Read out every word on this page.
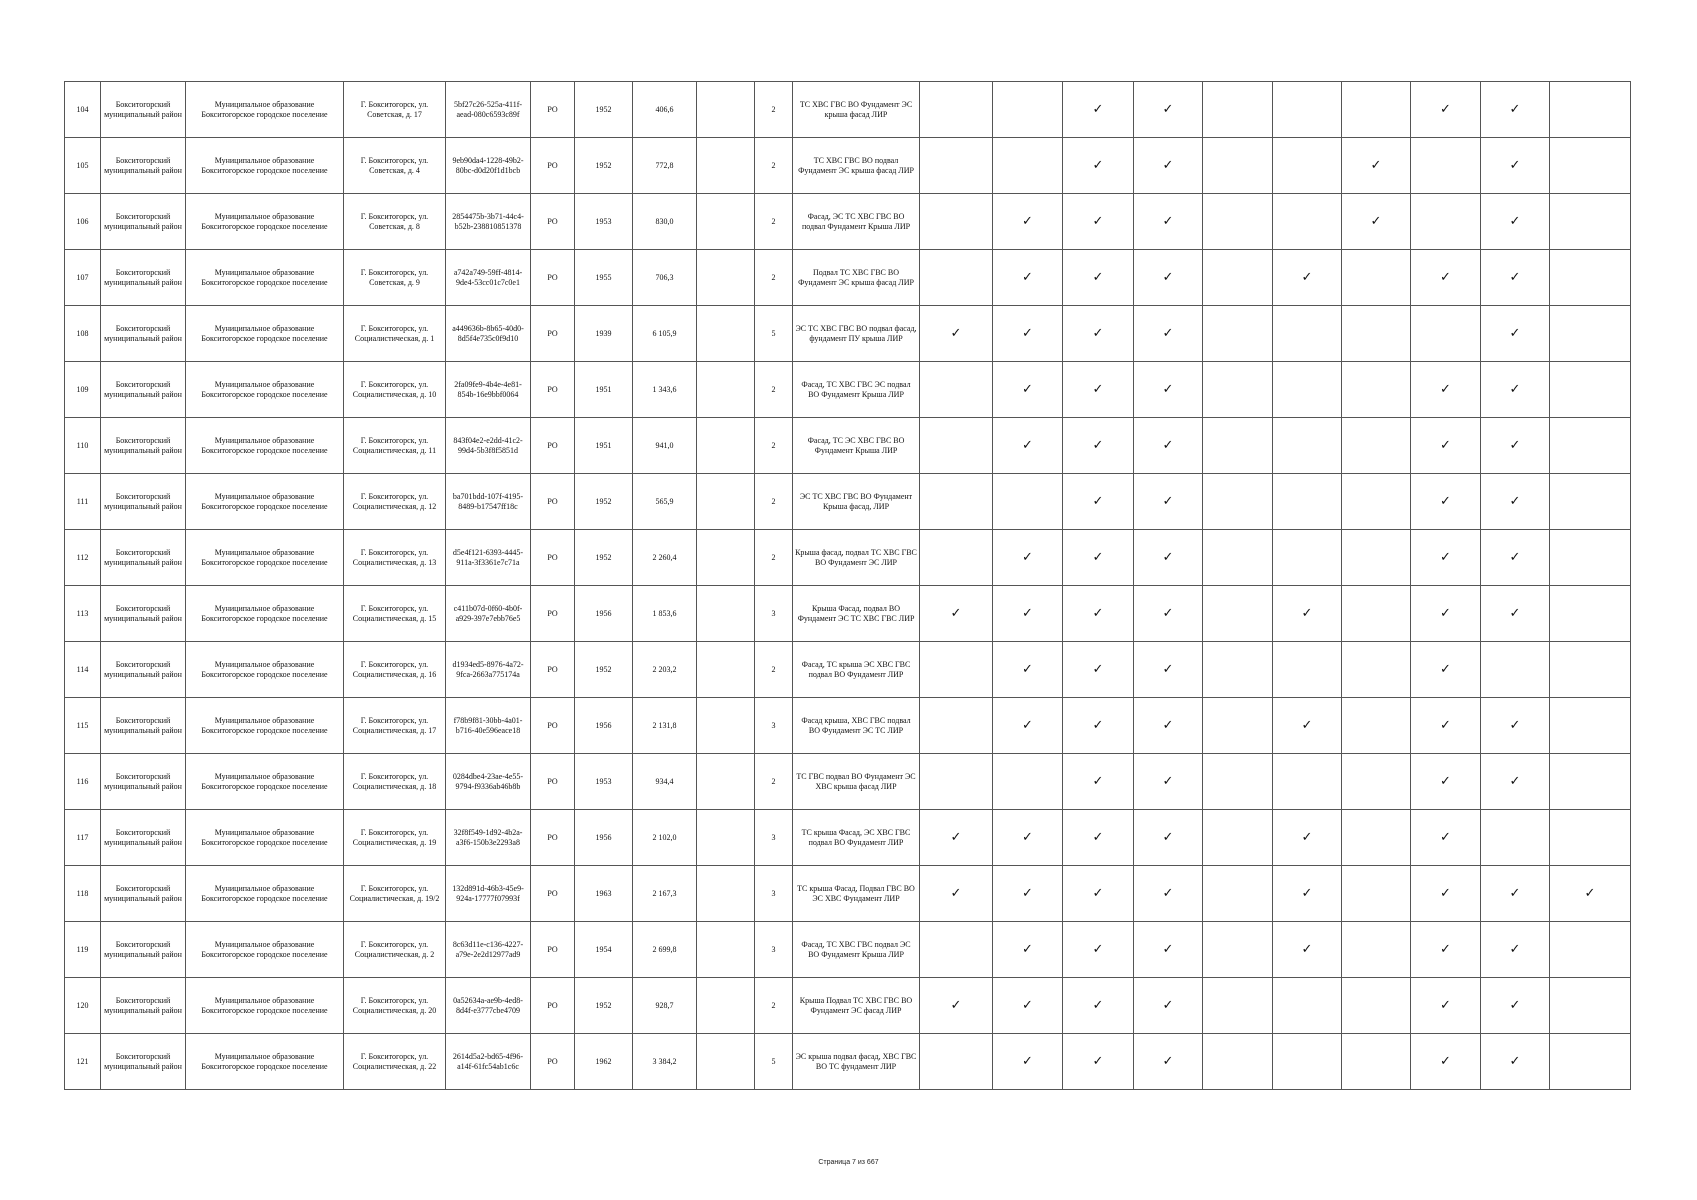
104	Бокситогорский муниципальный район	Муниципальное образование Бокситогорское городское поселение	Г. Бокситогорск, ул. Советская, д. 17	5bf27c26-525a-411f-aead-080c6593c89f	РО	1952	406,6		2	ТС ХВС ГВС ВО Фундамент ЭС крыша фасад ЛИР			✓	✓				✓	✓	
105	Бокситогорский муниципальный район	Муниципальное образование Бокситогорское городское поселение	Г. Бокситогорск, ул. Советская, д. 4	9eb90da4-1228-49b2-80bc-d0d20f1d1bcb	РО	1952	772,8		2	ТС ХВС ГВС ВО подвал Фундамент ЭС крыша фасад ЛИР			✓	✓			✓		✓	
106	Бокситогорский муниципальный район	Муниципальное образование Бокситогорское городское поселение	Г. Бокситогорск, ул. Советская, д. 8	2854475b-3b71-44c4-b52b-238810851378	РО	1953	830,0		2	Фасад, ЭС ТС ХВС ГВС ВО подвал Фундамент Крыша ЛИР		✓	✓	✓			✓		✓	
107	Бокситогорский муниципальный район	Муниципальное образование Бокситогорское городское поселение	Г. Бокситогорск, ул. Советская, д. 9	a742a749-59ff-4814-9de4-53cc01c7c0e1	РО	1955	706,3		2	Подвал ТС ХВС ГВС ВО Фундамент ЭС крыша фасад ЛИР		✓	✓	✓		✓		✓	✓	
108	Бокситогорский муниципальный район	Муниципальное образование Бокситогорское городское поселение	Г. Бокситогорск, ул. Социалистическая, д. 1	a449636b-8b65-40d0-8d5f4e735c0f9d10	РО	1939	6 105,9		5	ЭС ТС ХВС ГВС ВО подвал фасад, фундамент ПУ крыша ЛИР	✓	✓	✓	✓					✓	
109	Бокситогорский муниципальный район	Муниципальное образование Бокситогорское городское поселение	Г. Бокситогорск, ул. Социалистическая, д. 10	2fa09fe9-4b4e-4e81-854b-16e9bbf0064	РО	1951	1 343,6		2	Фасад, ТС ХВС ГВС ЭС подвал ВО Фундамент Крыша ЛИР		✓	✓	✓				✓	✓	
110	Бокситогорский муниципальный район	Муниципальное образование Бокситогорское городское поселение	Г. Бокситогорск, ул. Социалистическая, д. 11	843f04e2-e2dd-41c2-99d4-5b3f8f5851d	РО	1951	941,0		2	Фасад, ТС ЭС ХВС ГВС ВО Фундамент Крыша ЛИР		✓	✓	✓				✓	✓	
111	Бокситогорский муниципальный район	Муниципальное образование Бокситогорское городское поселение	Г. Бокситогорск, ул. Социалистическая, д. 12	ba701bdd-107f-4195-8489-b17547ff18c	РО	1952	565,9		2	ЭС ТС ХВС ГВС ВО Фундамент Крыша фасад, ЛИР			✓	✓				✓	✓	
112	Бокситогорский муниципальный район	Муниципальное образование Бокситогорское городское поселение	Г. Бокситогорск, ул. Социалистическая, д. 13	d5e4f121-6393-4445-911a-3f3361e7c71a	РО	1952	2 260,4		2	Крыша фасад, подвал ТС ХВС ГВС ВО Фундамент ЭС ЛИР		✓	✓	✓				✓	✓	
113	Бокситогорский муниципальный район	Муниципальное образование Бокситогорское городское поселение	Г. Бокситогорск, ул. Социалистическая, д. 15	c411b07d-0f60-4b0f-a929-397e7ebb76e5	РО	1956	1 853,6		3	Крыша Фасад, подвал ВО Фундамент ЭС ТС ХВС ГВС ЛИР	✓	✓	✓	✓		✓		✓	✓	
114	Бокситогорский муниципальный район	Муниципальное образование Бокситогорское городское поселение	Г. Бокситогорск, ул. Социалистическая, д. 16	d1934ed5-8976-4a72-9fca-2663a775174a	РО	1952	2 203,2		2	Фасад, ТС крыша ЭС ХВС ГВС подвал ВО Фундамент ЛИР		✓	✓	✓				✓		
115	Бокситогорский муниципальный район	Муниципальное образование Бокситогорское городское поселение	Г. Бокситогорск, ул. Социалистическая, д. 17	f78b9f81-30bb-4a01-b716-40e596eace18	РО	1956	2 131,8		3	Фасад крыша, ХВС ГВС подвал ВО Фундамент ЭС ТС ЛИР		✓	✓	✓		✓		✓	✓	
116	Бокситогорский муниципальный район	Муниципальное образование Бокситогорское городское поселение	Г. Бокситогорск, ул. Социалистическая, д. 18	0284dbe4-23ae-4e55-9794-f9336ab46b8b	РО	1953	934,4		2	ТС ГВС подвал ВО Фундамент ЭС ХВС крыша фасад ЛИР			✓	✓				✓	✓	
117	Бокситогорский муниципальный район	Муниципальное образование Бокситогорское городское поселение	Г. Бокситогорск, ул. Социалистическая, д. 19	32f8f549-1d92-4b2a-a3f6-150b3e2293a8	РО	1956	2 102,0		3	ТС крыша Фасад, ЭС ХВС ГВС подвал ВО Фундамент ЛИР	✓	✓	✓	✓		✓		✓		
118	Бокситогорский муниципальный район	Муниципальное образование Бокситогорское городское поселение	Г. Бокситогорск, ул. Социалистическая, д. 19/2	132d891d-46b3-45e9-924a-17777f07993f	РО	1963	2 167,3		3	ТС крыша Фасад, Подвал ГВС ВО ЭС ХВС Фундамент ЛИР	✓	✓	✓	✓		✓		✓	✓	✓
119	Бокситогорский муниципальный район	Муниципальное образование Бокситогорское городское поселение	Г. Бокситогорск, ул. Социалистическая, д. 2	8c63d11e-c136-4227-a79e-2e2d12977ad9	РО	1954	2 699,8		3	Фасад, ТС ХВС ГВС подвал ЭС ВО Фундамент Крыша ЛИР		✓	✓	✓		✓		✓	✓	
120	Бокситогорский муниципальный район	Муниципальное образование Бокситогорское городское поселение	Г. Бокситогорск, ул. Социалистическая, д. 20	0a52634a-ae9b-4ed8-8d4f-e3777cbe4709	РО	1952	928,7		2	Крыша Подвал ТС ХВС ГВС ВО Фундамент ЭС фасад ЛИР	✓	✓	✓	✓				✓	✓	
121	Бокситогорский муниципальный район	Муниципальное образование Бокситогорское городское поселение	Г. Бокситогорск, ул. Социалистическая, д. 22	2614d5a2-bd65-4f96-a14f-61fc54ab1c6c	РО	1962	3 384,2		5	ЭС крыша подвал фасад, ХВС ГВС ВО ТС фундамент ЛИР		✓	✓	✓				✓	✓	
Страница 7 из 667
